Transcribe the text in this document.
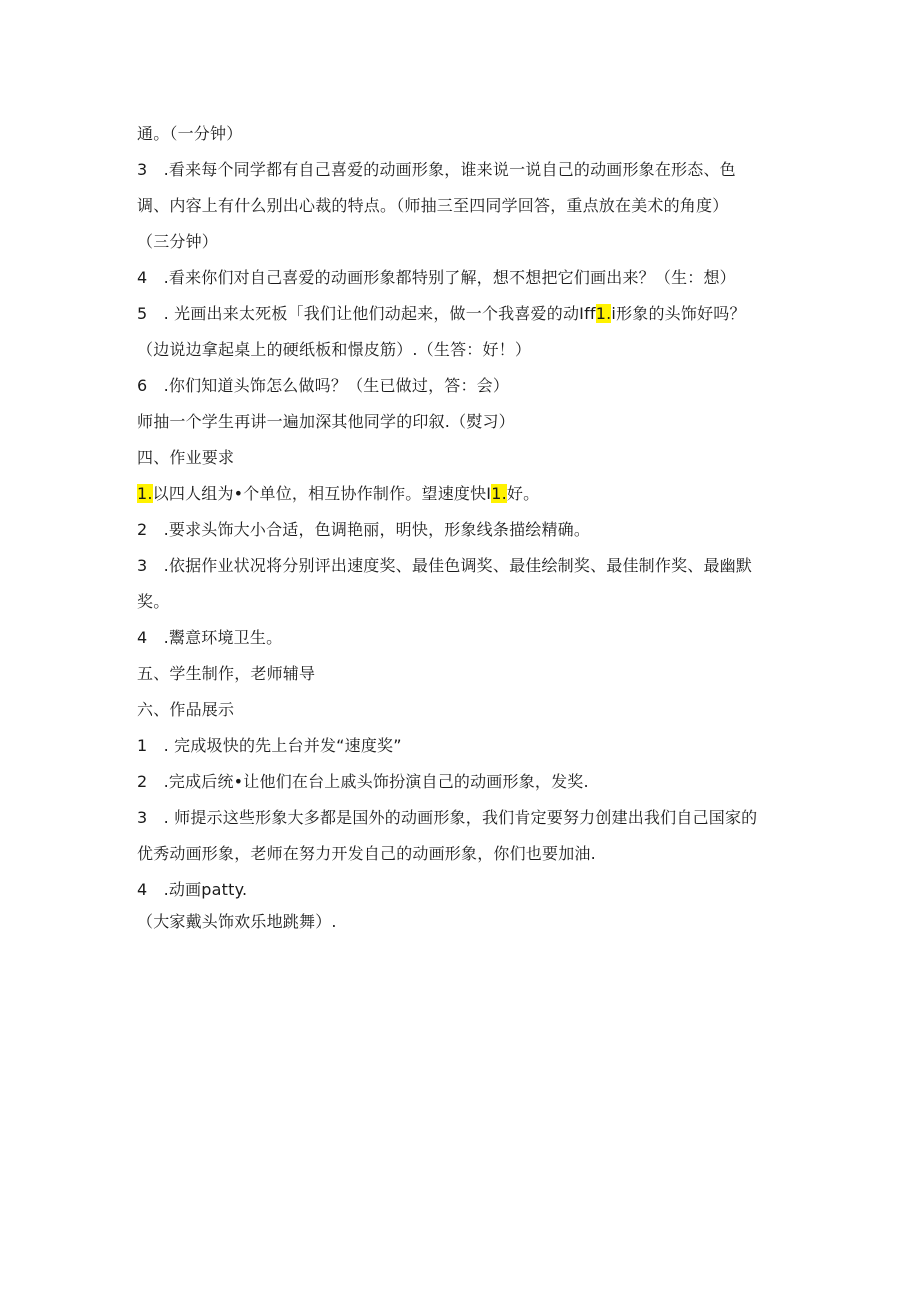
通。（一分钟）
3　.看来每个同学都有自己喜爱的动画形象，谁来说一说自己的动画形象在形态、色
调、内容上有什么别出心裁的特点。（师抽三至四同学回答，重点放在美术的角度）
（三分钟）
4　.看来你们对自己喜爱的动画形象都特别了解，想不想把它们画出来？（生：想）
5　. 光画出来太死板「我们让他们动起来，做一个我喜爱的动Iff1.i形象的头饰好吗？
（边说边拿起桌上的硬纸板和憬皮筋）.（生答：好！）
6　.你们知道头饰怎么做吗？（生已做过，答：会）
师抽一个学生再讲一遍加深其他同学的印叙.（熨习）
四、作业要求
1.以四人组为•个单位，相互协作制作。望速度快I1.好。
2　.要求头饰大小合适，色调艳丽，明快，形象线条描绘精确。
3　.依据作业状况将分别评出速度奖、最佳色调奖、最佳绘制奖、最佳制作奖、最幽默
奖。
4　.鬻意环境卫生。
五、学生制作，老师辅导
六、作品展示
1　. 完成圾快的先上台并发“速度奖”
2　.完成后统•让他们在台上戚头饰扮演自己的动画形象，发奖.
3　. 师提示这些形象大多都是国外的动画形象，我们肯定要努力创建出我们自己国家的
优秀动画形象，老师在努力开发自己的动画形象，你们也要加油.
4　.动画patty.
（大家戴头饰欢乐地跳舞）.
